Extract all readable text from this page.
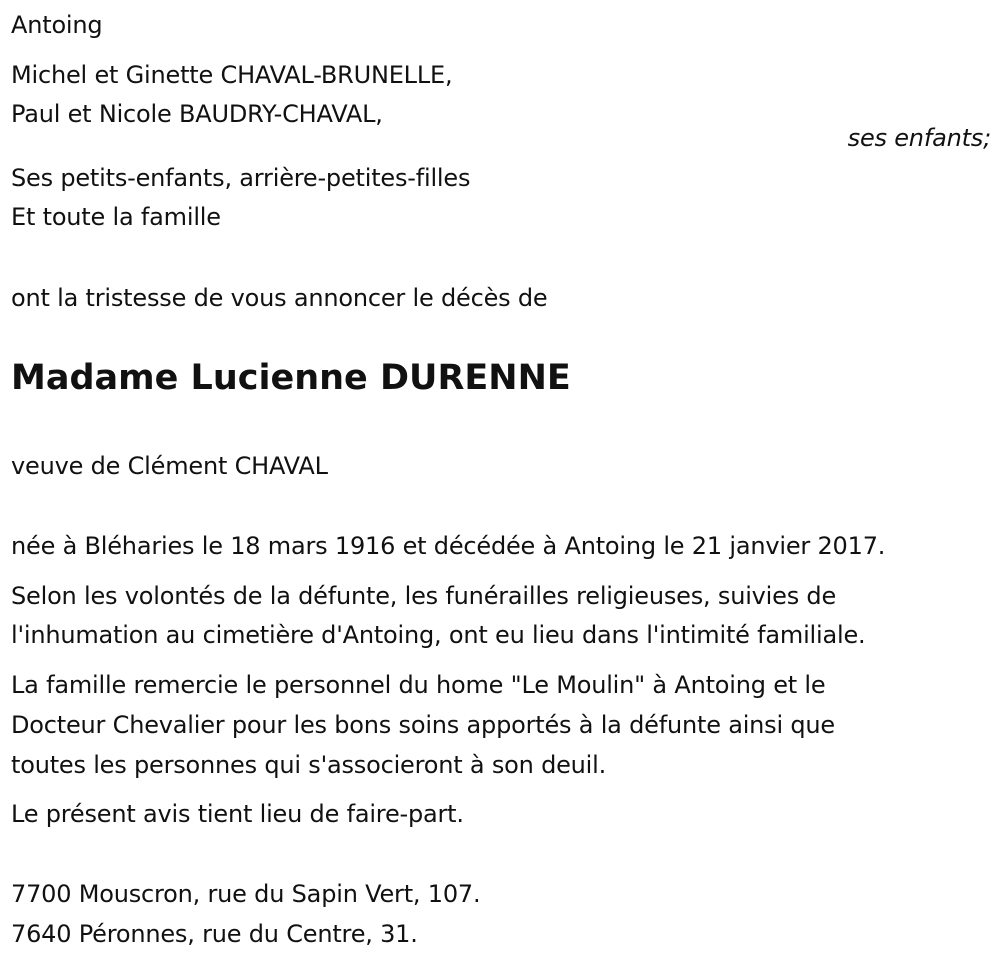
Antoing
Michel et Ginette CHAVAL-BRUNELLE,
Paul et Nicole BAUDRY-CHAVAL,
ses enfants;
Ses petits-enfants, arrière-petites-filles
Et toute la famille
ont la tristesse de vous annoncer le décès de
Madame Lucienne DURENNE
veuve de Clément CHAVAL
née à Bléharies le 18 mars 1916 et décédée à Antoing le 21 janvier 2017.
Selon les volontés de la défunte, les funérailles religieuses, suivies de
l'inhumation au cimetière d'Antoing, ont eu lieu dans l'intimité familiale.
La famille remercie le personnel du home "Le Moulin" à Antoing et le
Docteur Chevalier pour les bons soins apportés à la défunte ainsi que
toutes les personnes qui s'associeront à son deuil.
Le présent avis tient lieu de faire-part.
7700 Mouscron, rue du Sapin Vert, 107.
7640 Péronnes, rue du Centre, 31.
